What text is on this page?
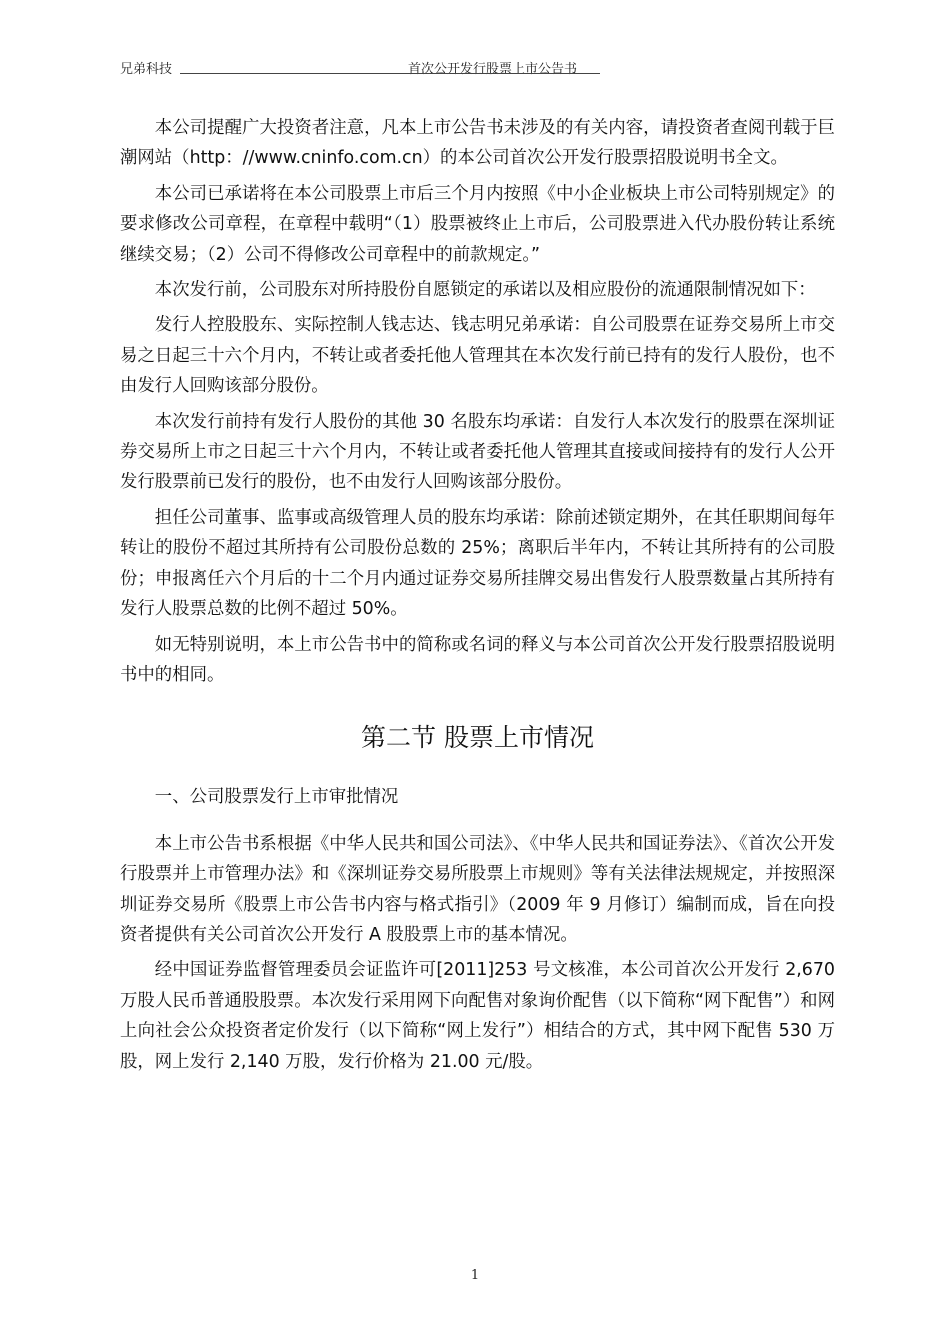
兄弟科技	首次公开发行股票上市公告书

本公司提醒广大投资者注意，凡本上市公告书未涉及的有关内容，请投资者查阅刊载于巨潮网站（http：//www.cninfo.com.cn）的本公司首次公开发行股票招股说明书全文。

本公司已承诺将在本公司股票上市后三个月内按照《中小企业板块上市公司特别规定》的要求修改公司章程，在章程中载明“（1）股票被终止上市后，公司股票进入代办股份转让系统继续交易；（2）公司不得修改公司章程中的前款规定。”

本次发行前，公司股东对所持股份自愿锁定的承诺以及相应股份的流通限制情况如下：

发行人控股股东、实际控制人钱志达、钱志明兄弟承诺：自公司股票在证券交易所上市交易之日起三十六个月内，不转让或者委托他人管理其在本次发行前已持有的发行人股份，也不由发行人回购该部分股份。

本次发行前持有发行人股份的其他 30 名股东均承诺：自发行人本次发行的股票在深圳证券交易所上市之日起三十六个月内，不转让或者委托他人管理其直接或间接持有的发行人公开发行股票前已发行的股份，也不由发行人回购该部分股份。

担任公司董事、监事或高级管理人员的股东均承诺：除前述锁定期外，在其任职期间每年转让的股份不超过其所持有公司股份总数的 25%；离职后半年内，不转让其所持有的公司股份；申报离任六个月后的十二个月内通过证券交易所挂牌交易出售发行人股票数量占其所持有发行人股票总数的比例不超过 50%。

如无特别说明，本上市公告书中的简称或名词的释义与本公司首次公开发行股票招股说明书中的相同。

第二节 股票上市情况

一、公司股票发行上市审批情况

本上市公告书系根据《中华人民共和国公司法》、《中华人民共和国证券法》、《首次公开发行股票并上市管理办法》和《深圳证券交易所股票上市规则》等有关法律法规规定，并按照深圳证券交易所《股票上市公告书内容与格式指引》（2009 年 9 月修订）编制而成，旨在向投资者提供有关公司首次公开发行 A 股股票上市的基本情况。

经中国证券监督管理委员会证监许可[2011]253 号文核准，本公司首次公开发行 2,670 万股人民币普通股股票。本次发行采用网下向配售对象询价配售（以下简称“网下配售”）和网上向社会公众投资者定价发行（以下简称“网上发行”）相结合的方式，其中网下配售 530 万股，网上发行 2,140 万股，发行价格为 21.00 元/股。

1
